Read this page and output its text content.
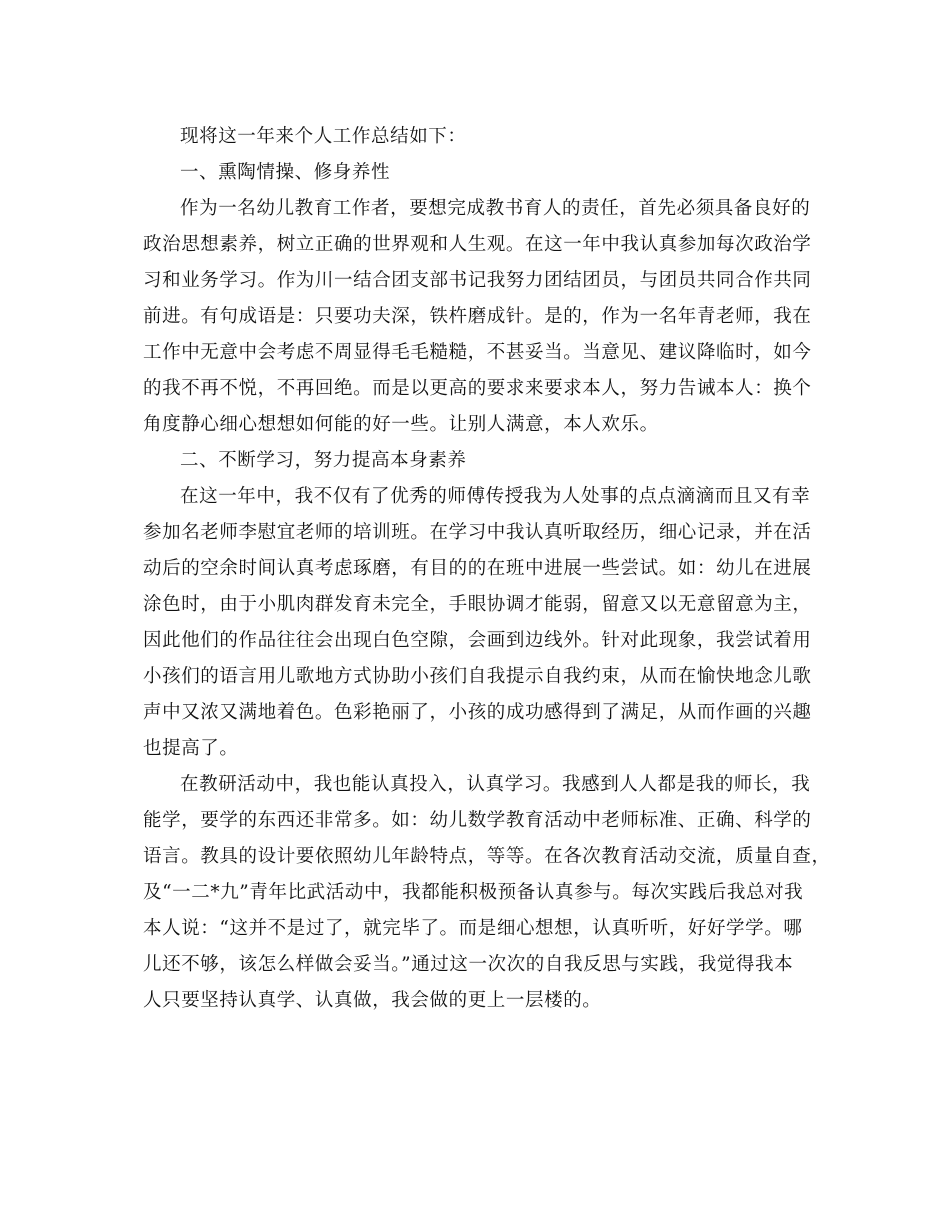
现将这一年来个人工作总结如下：
一、熏陶情操、修身养性
作为一名幼儿教育工作者，要想完成教书育人的责任，首先必须具备良好的
政治思想素养，树立正确的世界观和人生观。在这一年中我认真参加每次政治学
习和业务学习。作为川一结合团支部书记我努力团结团员，与团员共同合作共同
前进。有句成语是：只要功夫深，铁杵磨成针。是的，作为一名年青老师，我在
工作中无意中会考虑不周显得毛毛糙糙，不甚妥当。当意见、建议降临时，如今
的我不再不悦，不再回绝。而是以更高的要求来要求本人，努力告诫本人：换个
角度静心细心想想如何能的好一些。让别人满意，本人欢乐。
二、不断学习，努力提高本身素养
在这一年中，我不仅有了优秀的师傅传授我为人处事的点点滴滴而且又有幸
参加名老师李慰宜老师的培训班。在学习中我认真听取经历，细心记录，并在活
动后的空余时间认真考虑琢磨，有目的的在班中进展一些尝试。如：幼儿在进展
涂色时，由于小肌肉群发育未完全，手眼协调才能弱，留意又以无意留意为主，
因此他们的作品往往会出现白色空隙，会画到边线外。针对此现象，我尝试着用
小孩们的语言用儿歌地方式协助小孩们自我提示自我约束，从而在愉快地念儿歌
声中又浓又满地着色。色彩艳丽了，小孩的成功感得到了满足，从而作画的兴趣
也提高了。
在教研活动中，我也能认真投入，认真学习。我感到人人都是我的师长，我
能学，要学的东西还非常多。如：幼儿数学教育活动中老师标准、正确、科学的
语言。教具的设计要依照幼儿年龄特点，等等。在各次教育活动交流，质量自查，
及“一二*九”青年比武活动中，我都能积极预备认真参与。每次实践后我总对我
本人说：“这并不是过了，就完毕了。而是细心想想，认真听听，好好学学。哪
儿还不够，该怎么样做会妥当。”通过这一次次的自我反思与实践，我觉得我本
人只要坚持认真学、认真做，我会做的更上一层楼的。
